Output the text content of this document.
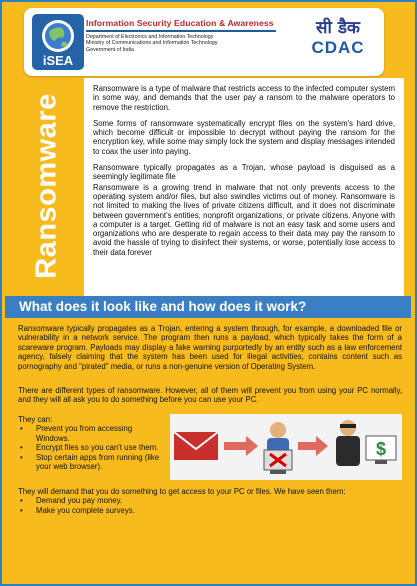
iSEA
Information Security Education & Awareness
Department of Electronics and Information Technology
Ministry of Communications and Information Technology
Government of India
सी डैक
CDAC
Ransomware

Ransomware is a type of malware that restricts access to the infected computer system in some way, and demands that the user pay a ransom to the malware operators to remove the restriction.

Some forms of ransomware systematically encrypt files on the system's hard drive, which become difficult or impossible to decrypt without paying the ransom for the encryption key, while some may simply lock the system and display messages intended to coax the user into paying.

Ransomware typically propagates as a Trojan, whose payload is disguised as a seemingly legitimate file

Ransomware is a growing trend in malware that not only prevents access to the operating system and/or files, but also swindles victims out of money. Ransomware is not limited to making the lives of private citizens difficult, and it does not discriminate between government's entities, nonprofit organizations, or private citizens. Anyone with a computer is a target. Getting rid of malware is not an easy task and some users and organizations who are desperate to regain access to their data may pay the ransom to avoid the hassle of trying to disinfect their systems, or worse, potentially lose access to their data forever

What does it look like and how does it work?

Ransomware typically propagates as a Trojan, entering a system through, for example, a downloaded file or vulnerability in a network service. The program then runs a payload, which typically takes the form of a scareware program. Payloads may display a fake warning purportedly by an entity such as a law enforcement agency, falsely claiming that the system has been used for illegal activities, contains content such as pornography and "pirated" media, or runs a non-genuine version of Operating System.

There are different types of ransomware. However, all of them will prevent you from using your PC normally, and they will all ask you to do something before you can use your PC.

They can:
• Prevent you from accessing Windows.
• Encrypt files so you can't use them.
• Stop certain apps from running (like your web browser).
$
They will demand that you do something to get access to your PC or files. We have seen them:
• Demand you pay money.
• Make you complete surveys.
